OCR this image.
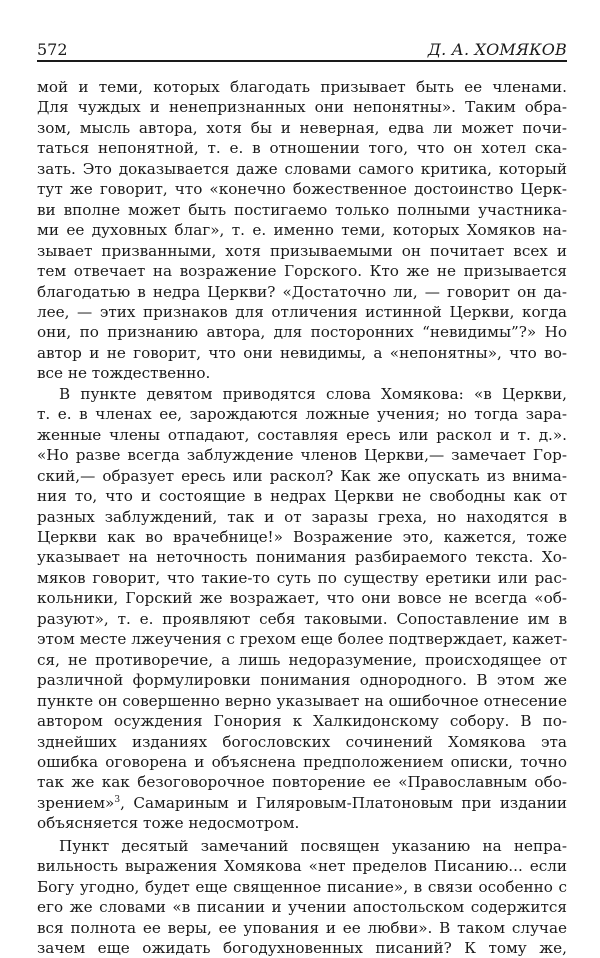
572	Д. А. ХОМЯКОВ

мой и теми, которых благодать призывает быть ее членами.
Для чуждых и ненепризнанных они непонятны». Таким обра-
зом, мысль автора, хотя бы и неверная, едва ли может почи-
таться непонятной, т. е. в отношении того, что он хотел ска-
зать. Это доказывается даже словами самого критика, который
тут же говорит, что «конечно божественное достоинство Церк-
ви вполне может быть постигаемо только полными участника-
ми ее духовных благ», т. е. именно теми, которых Хомяков на-
зывает призванными, хотя призываемыми он почитает всех и
тем отвечает на возражение Горского. Кто же не призывается
благодатью в недра Церкви? «Достаточно ли, — говорит он да-
лее, — этих признаков для отличения истинной Церкви, когда
они, по признанию автора, для посторонних “невидимы”?» Но
автор и не говорит, что они невидимы, а «непонятны», что во-
все не тождественно.

В пункте девятом приводятся слова Хомякова: «в Церкви,
т. е. в членах ее, зарождаются ложные учения; но тогда зара-
женные члены отпадают, составляя ересь или раскол и т. д.».
«Но разве всегда заблуждение членов Церкви,— замечает Гор-
ский,— образует ересь или раскол? Как же опускать из внима-
ния то, что и состоящие в недрах Церкви не свободны как от
разных заблуждений, так и от заразы греха, но находятся в
Церкви как во врачебнице!» Возражение это, кажется, тоже
указывает на неточность понимания разбираемого текста. Хо-
мяков говорит, что такие-то суть по существу еретики или рас-
кольники, Горский же возражает, что они вовсе не всегда «об-
разуют», т. е. проявляют себя таковыми. Сопоставление им в
этом месте лжеучения с грехом еще более подтверждает, кажет-
ся, не противоречие, а лишь недоразумение, происходящее от
различной формулировки понимания однородного. В этом же
пункте он совершенно верно указывает на ошибочное отнесение
автором осуждения Гонория к Халкидонскому собору. В по-
зднейших изданиях богословских сочинений Хомякова эта
ошибка оговорена и объяснена предположением описки, точно
так же как безоговорочное повторение ее «Православным обо-
зрением»$^3$, Самариным и Гиляровым-Платоновым при издании
объясняется тоже недосмотром.

Пункт десятый замечаний посвящен указанию на непра-
вильность выражения Хомякова «нет пределов Писанию... если
Богу угодно, будет еще священное писание», в связи особенно с
его же словами «в писании и учении апостольском содержится
вся полнота ее веры, ее упования и ее любви». В таком случае
зачем еще ожидать богодухновенных писаний? К тому же,
